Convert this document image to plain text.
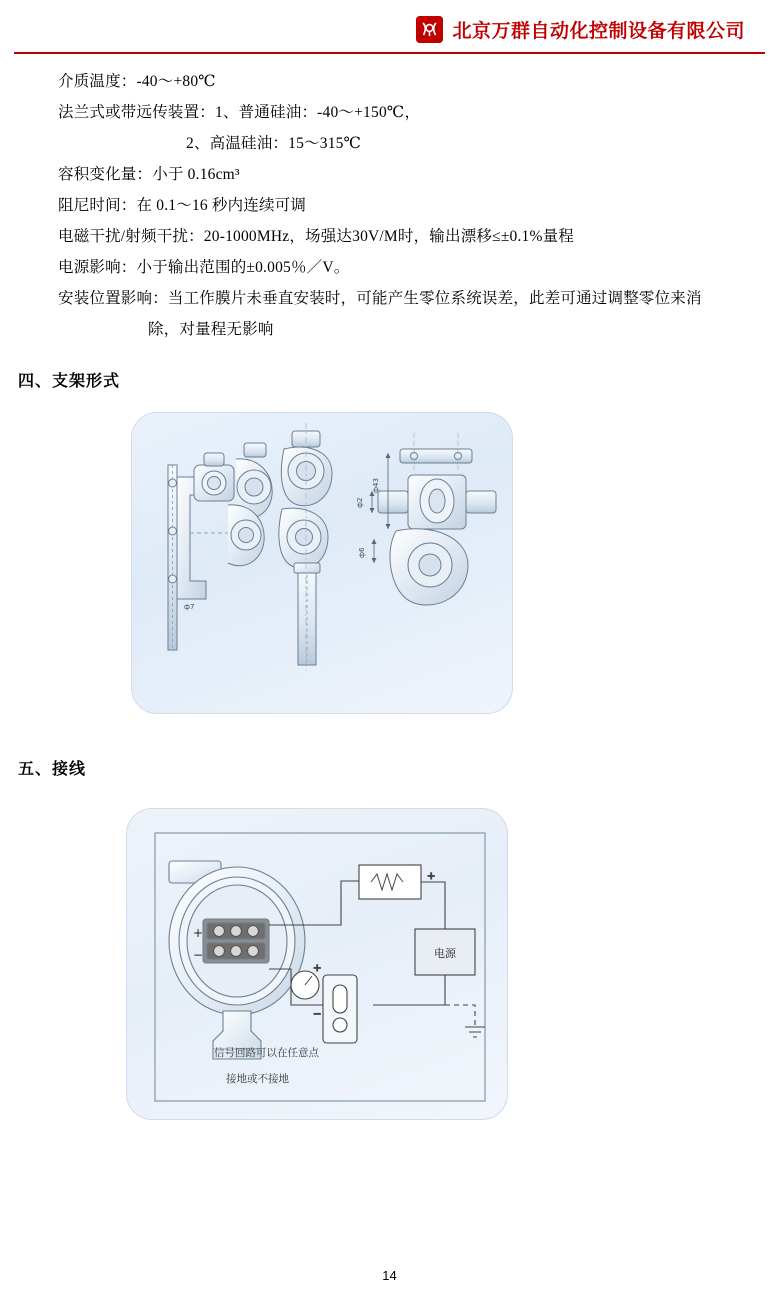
北京万群自动化控制设备有限公司
介质温度：-40～+80℃
法兰式或带远传装置：1、普通硅油：-40～+150℃，
2、高温硅油：15～315℃
容积变化量：小于 0.16cm³
阻尼时间：在 0.1～16 秒内连续可调
电磁干扰/射频干扰：20-1000MHz，场强达30V/M时，输出漂移≤±0.1%量程
电源影响：小于输出范围的±0.005％／V。
安装位置影响：当工作膜片未垂直安装时，可能产生零位系统误差，此差可通过调整零位来消
除，对量程无影响
四、支架形式
ф7
ф43
ф2
ф6
五、接线
+
−
+
+
−
电源
信号回路可以在任意点
接地或不接地
14
